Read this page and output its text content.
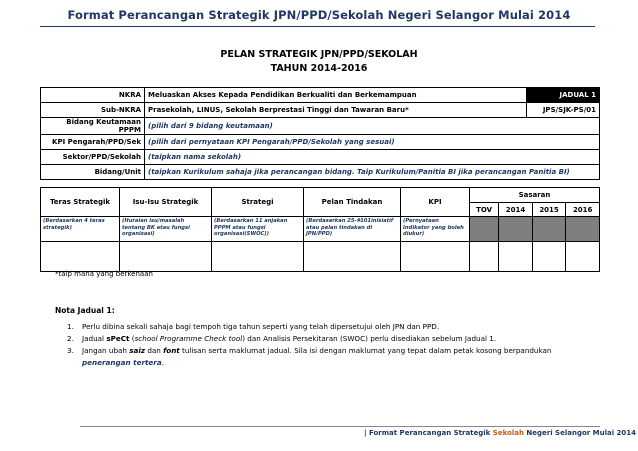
Format Perancangan Strategik JPN/PPD/Sekolah Negeri Selangor Mulai 2014
PELAN STRATEGIK JPN/PPD/SEKOLAH
TAHUN 2014-2016
NKRA	Meluaskan Akses Kepada Pendidikan Berkualiti dan Berkemampuan	JADUAL 1
Sub-NKRA	Prasekolah, LINUS, Sekolah Berprestasi Tinggi dan Tawaran Baru*	JPS/SJK-PS/01
Bidang Keutamaan PPPM	(pilih dari 9 bidang keutamaan)	
KPI Pengarah/PPD/Sek	(pilih dari pernyataan KPI Pengarah/PPD/Sekolah yang sesuai)	
Sektor/PPD/Sekolah	(taipkan nama sekolah)	
Bidang/Unit	(taipkan Kurikulum sahaja jika perancangan bidang. Taip Kurikulum/Panitia BI jika perancangan Panitia BI)	
Teras Strategik	Isu-Isu Strategik	Strategi	Pelan Tindakan	KPI	Sasaran			
					TOV	2014	2015	2016
(Berdasarkan 4 teras strategik)	(Huraian isu/masalah tentang BK atau fungsi organisasi)	(Berdasarkan 11 anjakan PPPM atau fungsi organisasi(SWOC))	(Berdasarkan 25-#101inisiatif atau pelan tindakan di JPN/PPD)	(Pernyataan Indikator yang boleh diukur)				

*taip mana yang berkenaan
Nota Jadual 1:
1. Perlu dibina sekali sahaja bagi tempoh tiga tahun seperti yang telah dipersetujui oleh JPN dan PPD.
2. Jadual sPeCt (school Programme Check tool) dan Analisis Persekitaran (SWOC) perlu disediakan sebelum Jadual 1.
3. Jangan ubah saiz dan font tulisan serta maklumat jadual. Sila isi dengan maklumat yang tepat dalam petak kosong berpandukan penerangan tertera.
| Format Perancangan Strategik Sekolah Negeri Selangor Mulai 2014
